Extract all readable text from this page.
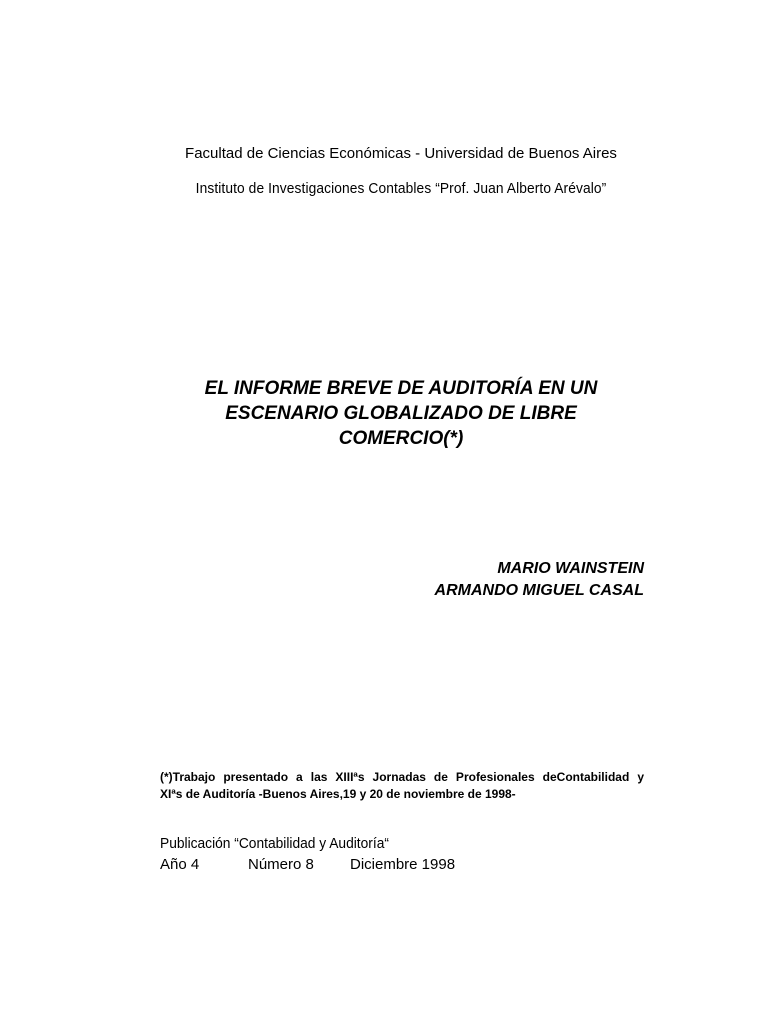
Facultad de Ciencias Económicas - Universidad de Buenos Aires
Instituto de Investigaciones Contables “Prof. Juan Alberto Arévalo”
EL INFORME BREVE DE AUDITORÍA EN UN
ESCENARIO GLOBALIZADO DE LIBRE
COMERCIO(*)
MARIO WAINSTEIN
ARMANDO MIGUEL CASAL
(*)Trabajo presentado a las XIIIªs Jornadas de Profesionales deContabilidad y
XIªs de Auditoría -Buenos Aires,19 y 20 de noviembre de 1998-
Publicación “Contabilidad y Auditoría“
Año 4	Número 8 Diciembre 1998
